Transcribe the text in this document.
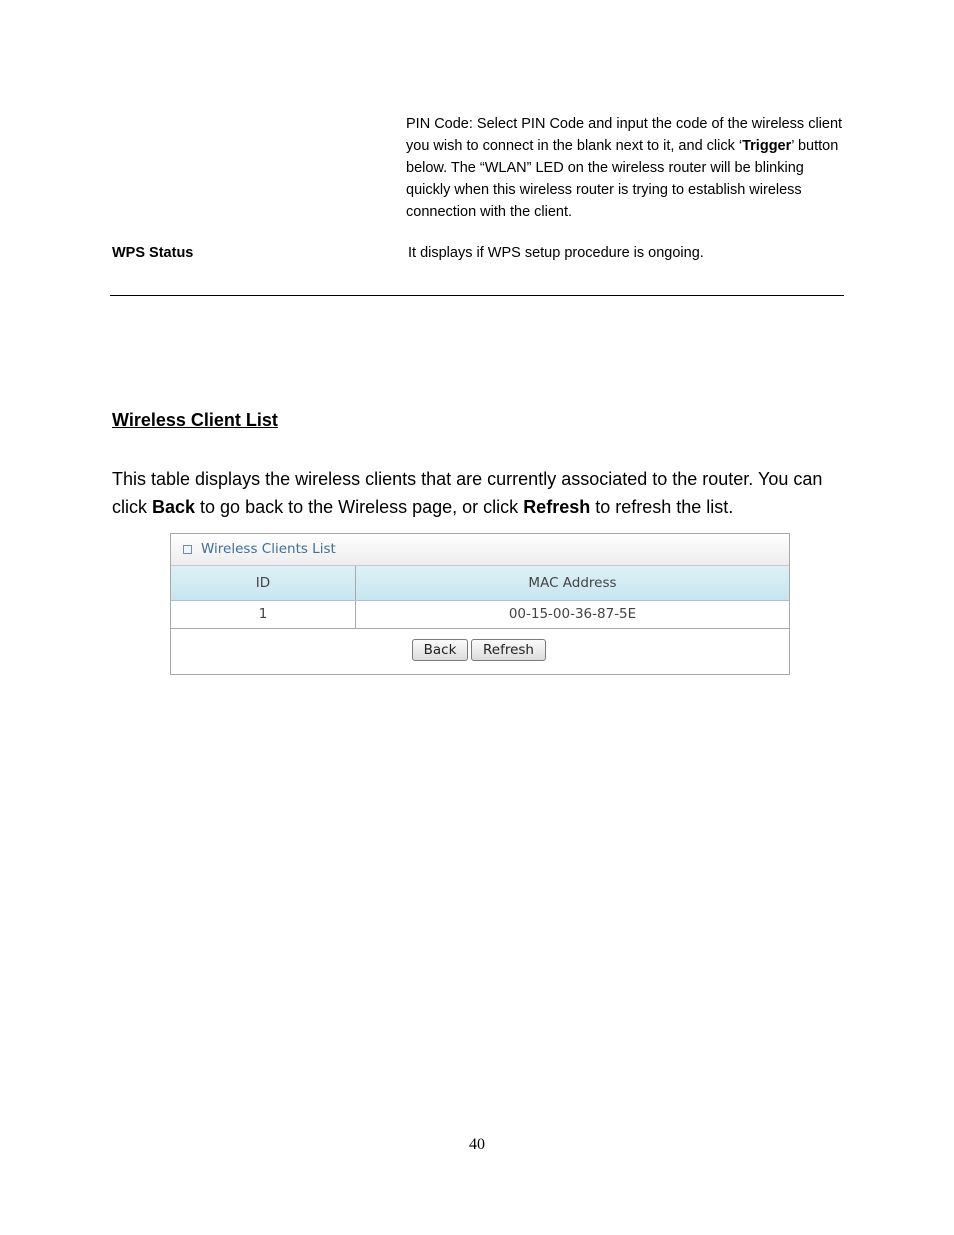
PIN Code: Select PIN Code and input the code of the wireless client you wish to connect in the blank next to it, and click ‘Trigger’ button below. The “WLAN” LED on the wireless router will be blinking quickly when this wireless router is trying to establish wireless connection with the client.
WPS Status	It displays if WPS setup procedure is ongoing.
Wireless Client List
This table displays the wireless clients that are currently associated to the router. You can click Back to go back to the Wireless page, or click Refresh to refresh the list.
Wireless Clients List
ID	MAC Address
1	00-15-00-36-87-5E
Back	Refresh
40
